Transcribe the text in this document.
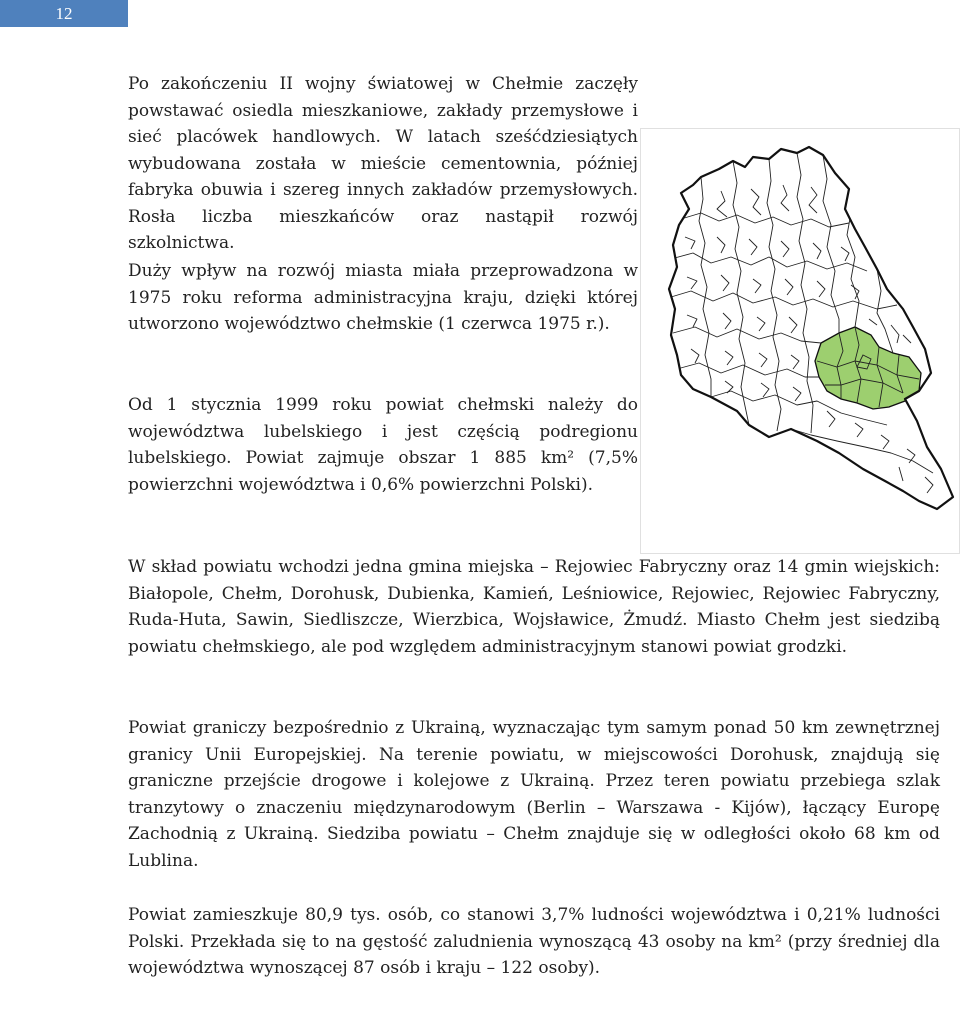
12

Po zakończeniu II wojny światowej w Chełmie zaczęły powstawać osiedla mieszkaniowe, zakłady przemysłowe i sieć placówek handlowych. W latach sześćdziesiątych wybudowana została w mieście cementownia, później fabryka obuwia i szereg innych zakładów przemysłowych. Rosła liczba mieszkańców oraz nastąpił rozwój szkolnictwa.

Duży wpływ na rozwój miasta miała przeprowadzona w 1975 roku reforma administracyjna kraju, dzięki której utworzono województwo chełmskie (1 czerwca 1975 r.).

Od 1 stycznia 1999 roku powiat chełmski należy do województwa lubelskiego i jest częścią podregionu lubelskiego. Powiat zajmuje obszar 1 885 km² (7,5% powierzchni województwa i 0,6% powierzchni Polski).

W skład powiatu wchodzi jedna gmina miejska – Rejowiec Fabryczny oraz 14 gmin wiejskich: Białopole, Chełm, Dorohusk, Dubienka, Kamień, Leśniowice, Rejowiec, Rejowiec Fabryczny, Ruda-Huta, Sawin, Siedliszcze, Wierzbica, Wojsławice, Żmudź. Miasto Chełm jest siedzibą powiatu chełmskiego, ale pod względem administracyjnym stanowi powiat grodzki.

Powiat graniczy bezpośrednio z Ukrainą, wyznaczając tym samym ponad 50 km zewnętrznej granicy Unii Europejskiej. Na terenie powiatu, w miejscowości Dorohusk, znajdują się graniczne przejście drogowe i kolejowe z Ukrainą. Przez teren powiatu przebiega szlak tranzytowy o znaczeniu międzynarodowym (Berlin – Warszawa - Kijów), łączący Europę Zachodnią z Ukrainą. Siedziba powiatu – Chełm znajduje się w odległości około 68 km od Lublina.

Powiat zamieszkuje 80,9 tys. osób, co stanowi 3,7% ludności województwa i 0,21% ludności Polski. Przekłada się to na gęstość zaludnienia wynoszącą 43 osoby na km² (przy średniej dla województwa wynoszącej 87 osób i kraju – 122 osoby).
